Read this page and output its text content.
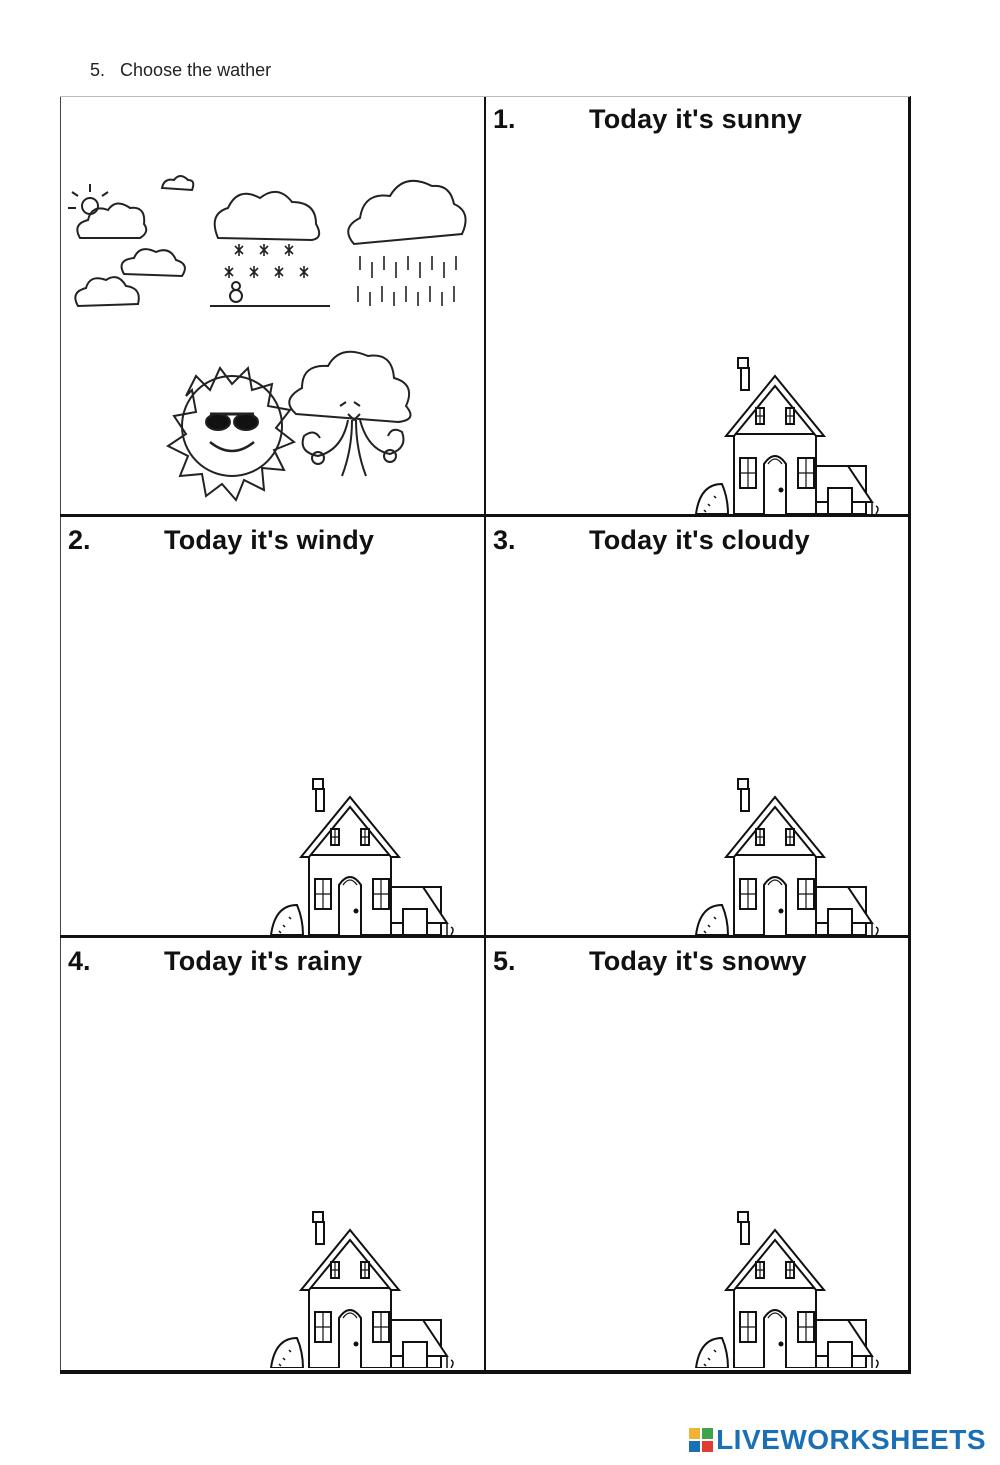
5. Choose the wather
1.	Today it's sunny
2.	Today it's windy	3.	Today it's cloudy
4.	Today it's rainy	5.	Today it's snowy
LIVEWORKSHEETS
